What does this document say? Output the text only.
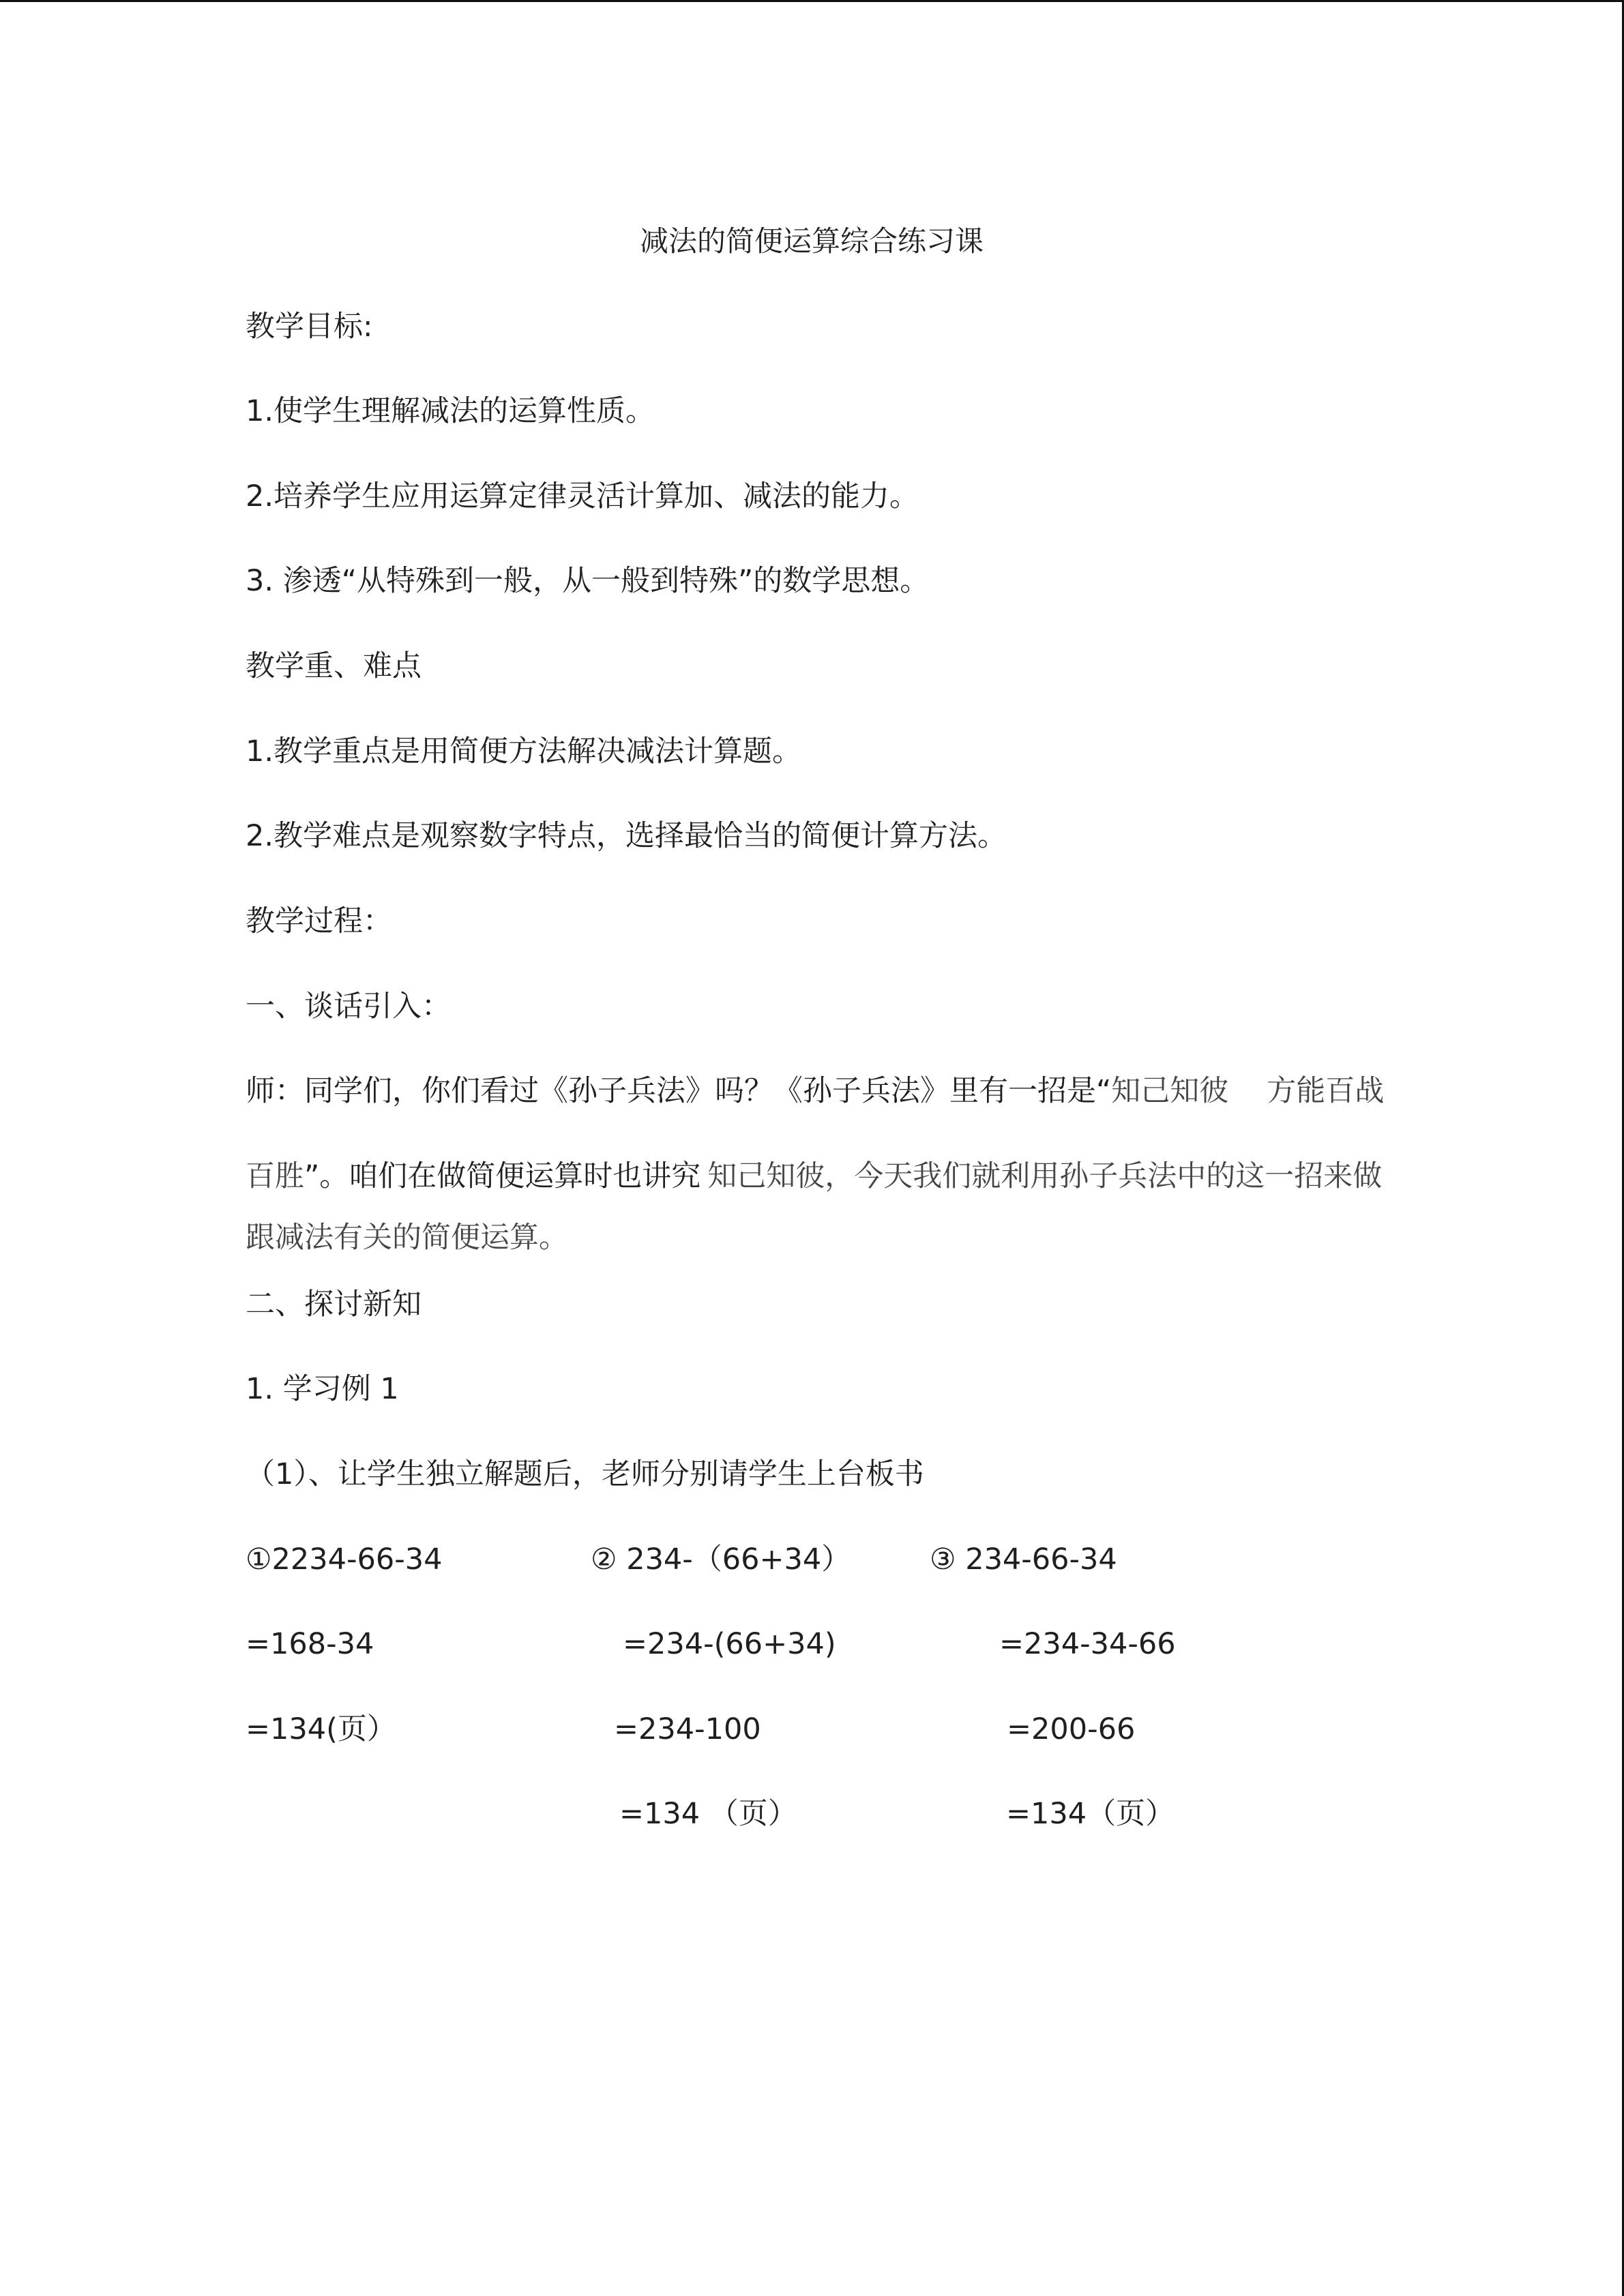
减法的简便运算综合练习课
教学目标:
1.使学生理解减法的运算性质。
2.培养学生应用运算定律灵活计算加、减法的能力。
3. 渗透“从特殊到一般，从一般到特殊”的数学思想。
教学重、难点
1.教学重点是用简便方法解决减法计算题。
2.教学难点是观察数字特点，选择最恰当的简便计算方法。
教学过程：
一、谈话引入：
师：同学们，你们看过《孙子兵法》吗？《孙子兵法》里有一招是“知己知彼 方能百战
百胜”。咱们在做简便运算时也讲究 知己知彼，今天我们就利用孙子兵法中的这一招来做
跟减法有关的简便运算。
二、探讨新知
1. 学习例 1
（1）、让学生独立解题后，老师分别请学生上台板书
①2234-66-34
=168-34
=134(页）
② 234-（66+34）
=234-(66+34)
=234-100
=134 （页）
③ 234-66-34
=234-34-66
=200-66
=134（页）
